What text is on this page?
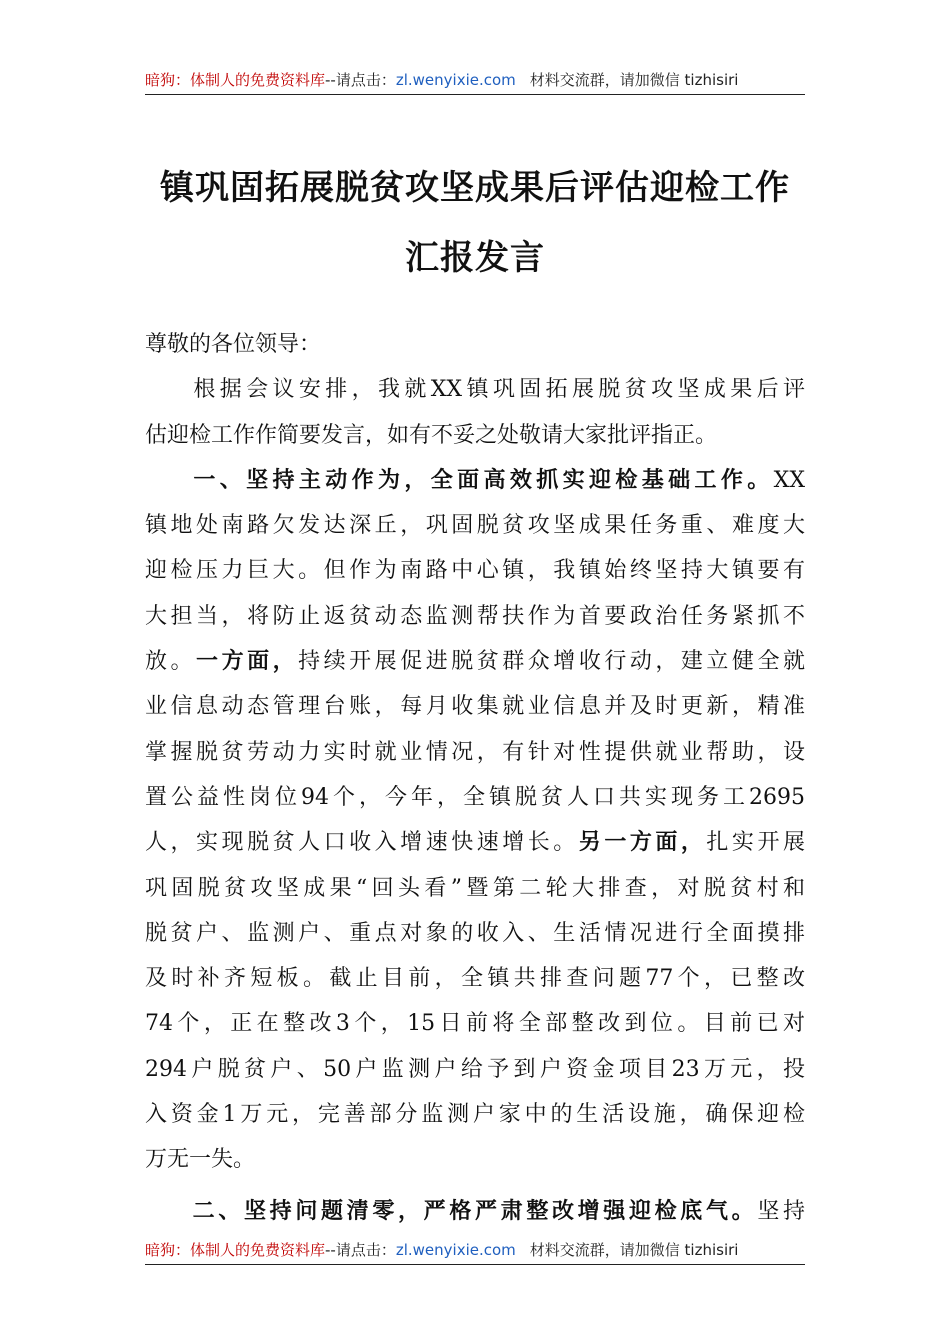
暗狗：体制人的免费资料库--请点击：zl.wenyixie.com 材料交流群，请加微信 tizhisiri
镇巩固拓展脱贫攻坚成果后评估迎检工作
汇报发言

尊敬的各位领导：

根据会议安排，我就XX镇巩固拓展脱贫攻坚成果后评

估迎检工作作简要发言，如有不妥之处敬请大家批评指正。

一、坚持主动作为，全面高效抓实迎检基础工作。XX

镇地处南路欠发达深丘，巩固脱贫攻坚成果任务重、难度大

迎检压力巨大。但作为南路中心镇，我镇始终坚持大镇要有

大担当，将防止返贫动态监测帮扶作为首要政治任务紧抓不

放。一方面，持续开展促进脱贫群众增收行动，建立健全就

业信息动态管理台账，每月收集就业信息并及时更新，精准

掌握脱贫劳动力实时就业情况，有针对性提供就业帮助，设

置公益性岗位94个，今年，全镇脱贫人口共实现务工2695

人，实现脱贫人口收入增速快速增长。另一方面，扎实开展

巩固脱贫攻坚成果“回头看”暨第二轮大排查，对脱贫村和

脱贫户、监测户、重点对象的收入、生活情况进行全面摸排

及时补齐短板。截止目前，全镇共排查问题77个，已整改

74个，正在整改3个，15日前将全部整改到位。目前已对

294户脱贫户、50户监测户给予到户资金项目23万元，投

入资金1万元，完善部分监测户家中的生活设施，确保迎检

万无一失。

二、坚持问题清零，严格严肃整改增强迎检底气。坚持

暗狗：体制人的免费资料库--请点击：zl.wenyixie.com 材料交流群，请加微信 tizhisiri
